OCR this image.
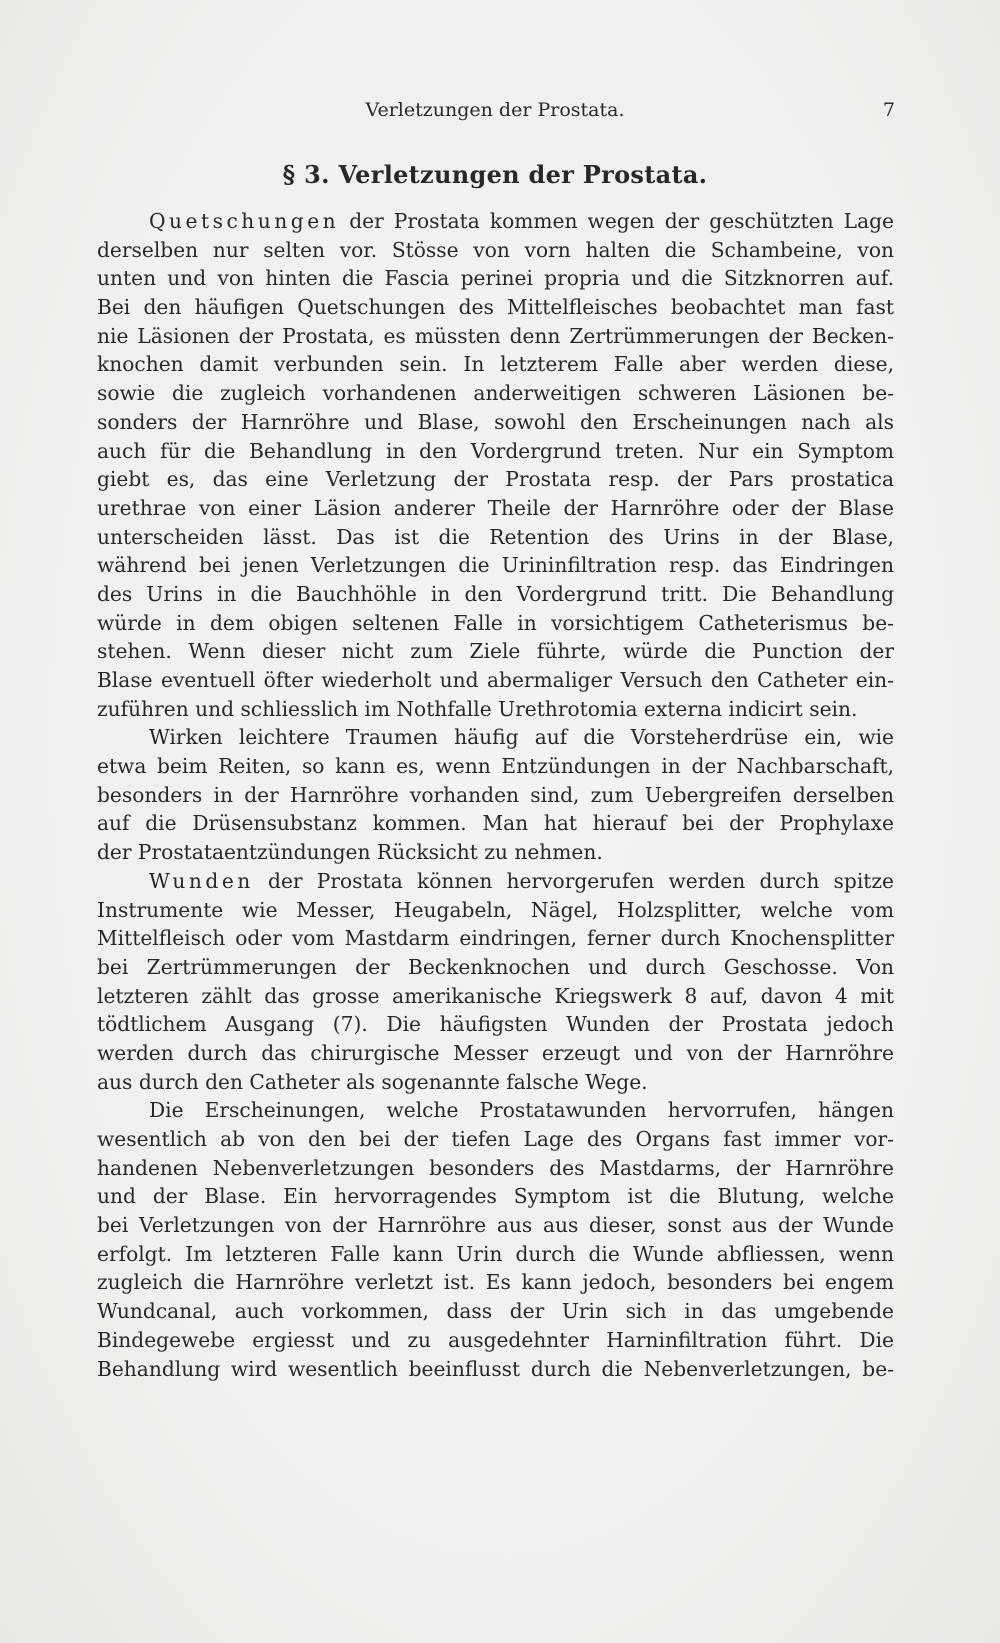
Verletzungen der Prostata.	7
§ 3. Verletzungen der Prostata.
Quetschungen der Prostata kommen wegen der geschützten Lage
derselben nur selten vor. Stösse von vorn halten die Schambeine, von
unten und von hinten die Fascia perinei propria und die Sitzknorren auf.
Bei den häufigen Quetschungen des Mittelfleisches beobachtet man fast
nie Läsionen der Prostata, es müssten denn Zertrümmerungen der Becken-
knochen damit verbunden sein. In letzterem Falle aber werden diese,
sowie die zugleich vorhandenen anderweitigen schweren Läsionen be-
sonders der Harnröhre und Blase, sowohl den Erscheinungen nach als
auch für die Behandlung in den Vordergrund treten. Nur ein Symptom
giebt es, das eine Verletzung der Prostata resp. der Pars prostatica
urethrae von einer Läsion anderer Theile der Harnröhre oder der Blase
unterscheiden lässt. Das ist die Retention des Urins in der Blase,
während bei jenen Verletzungen die Urininfiltration resp. das Eindringen
des Urins in die Bauchhöhle in den Vordergrund tritt. Die Behandlung
würde in dem obigen seltenen Falle in vorsichtigem Catheterismus be-
stehen. Wenn dieser nicht zum Ziele führte, würde die Punction der
Blase eventuell öfter wiederholt und abermaliger Versuch den Catheter ein-
zuführen und schliesslich im Nothfalle Urethrotomia externa indicirt sein.
Wirken leichtere Traumen häufig auf die Vorsteherdrüse ein, wie
etwa beim Reiten, so kann es, wenn Entzündungen in der Nachbarschaft,
besonders in der Harnröhre vorhanden sind, zum Uebergreifen derselben
auf die Drüsensubstanz kommen. Man hat hierauf bei der Prophylaxe
der Prostataentzündungen Rücksicht zu nehmen.
Wunden der Prostata können hervorgerufen werden durch spitze
Instrumente wie Messer, Heugabeln, Nägel, Holzsplitter, welche vom
Mittelfleisch oder vom Mastdarm eindringen, ferner durch Knochensplitter
bei Zertrümmerungen der Beckenknochen und durch Geschosse. Von
letzteren zählt das grosse amerikanische Kriegswerk 8 auf, davon 4 mit
tödtlichem Ausgang (7). Die häufigsten Wunden der Prostata jedoch
werden durch das chirurgische Messer erzeugt und von der Harnröhre
aus durch den Catheter als sogenannte falsche Wege.
Die Erscheinungen, welche Prostatawunden hervorrufen, hängen
wesentlich ab von den bei der tiefen Lage des Organs fast immer vor-
handenen Nebenverletzungen besonders des Mastdarms, der Harnröhre
und der Blase. Ein hervorragendes Symptom ist die Blutung, welche
bei Verletzungen von der Harnröhre aus aus dieser, sonst aus der Wunde
erfolgt. Im letzteren Falle kann Urin durch die Wunde abfliessen, wenn
zugleich die Harnröhre verletzt ist. Es kann jedoch, besonders bei engem
Wundcanal, auch vorkommen, dass der Urin sich in das umgebende
Bindegewebe ergiesst und zu ausgedehnter Harninfiltration führt. Die
Behandlung wird wesentlich beeinflusst durch die Nebenverletzungen, be-
